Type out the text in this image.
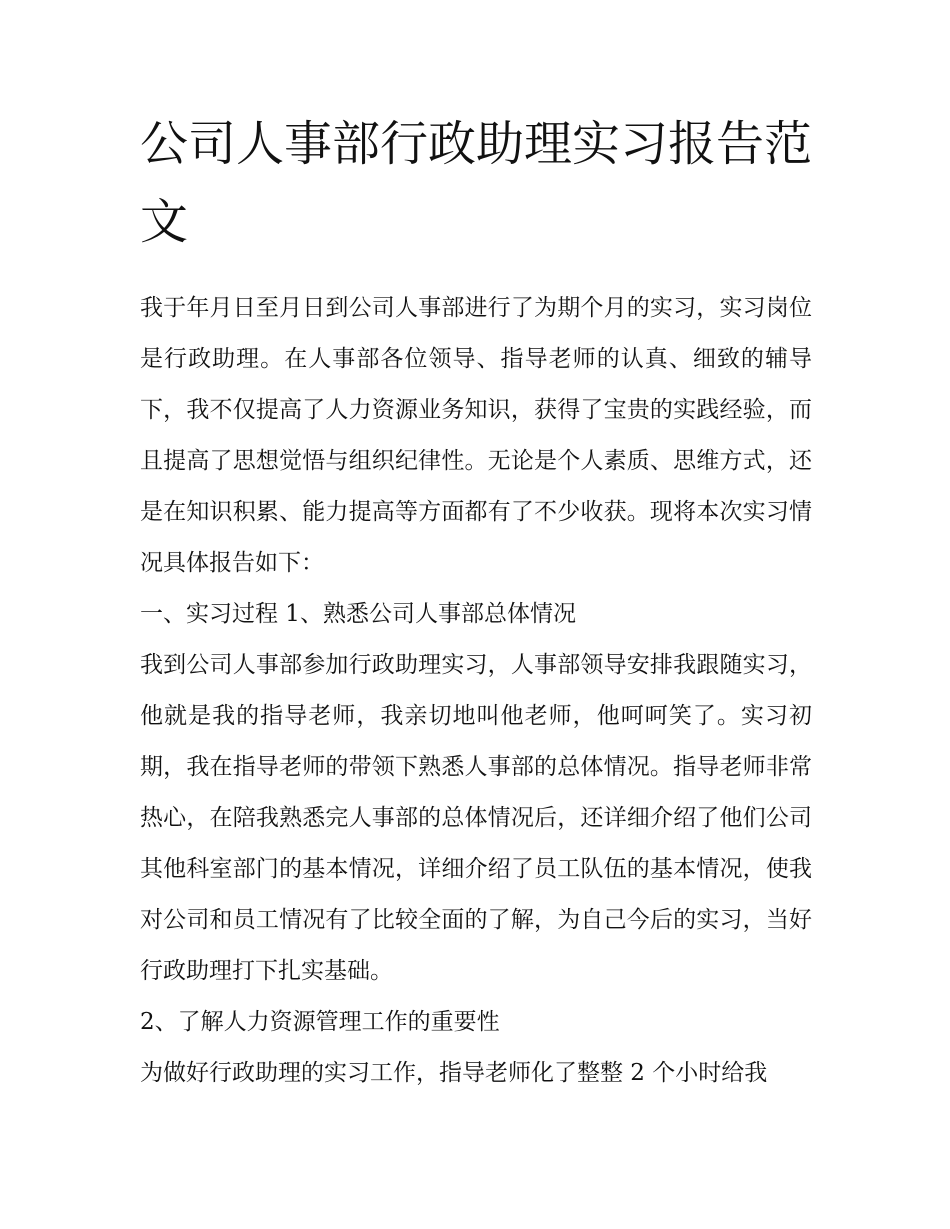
公司人事部行政助理实习报告范文

我于年月日至月日到公司人事部进行了为期个月的实习，实习岗位是行政助理。在人事部各位领导、指导老师的认真、细致的辅导下，我不仅提高了人力资源业务知识，获得了宝贵的实践经验，而且提高了思想觉悟与组织纪律性。无论是个人素质、思维方式，还是在知识积累、能力提高等方面都有了不少收获。现将本次实习情况具体报告如下：

一、实习过程 1、熟悉公司人事部总体情况

我到公司人事部参加行政助理实习，人事部领导安排我跟随实习，他就是我的指导老师，我亲切地叫他老师，他呵呵笑了。实习初期，我在指导老师的带领下熟悉人事部的总体情况。指导老师非常热心，在陪我熟悉完人事部的总体情况后，还详细介绍了他们公司其他科室部门的基本情况，详细介绍了员工队伍的基本情况，使我对公司和员工情况有了比较全面的了解，为自己今后的实习，当好行政助理打下扎实基础。

2、了解人力资源管理工作的重要性

为做好行政助理的实习工作，指导老师化了整整 2 个小时给我
